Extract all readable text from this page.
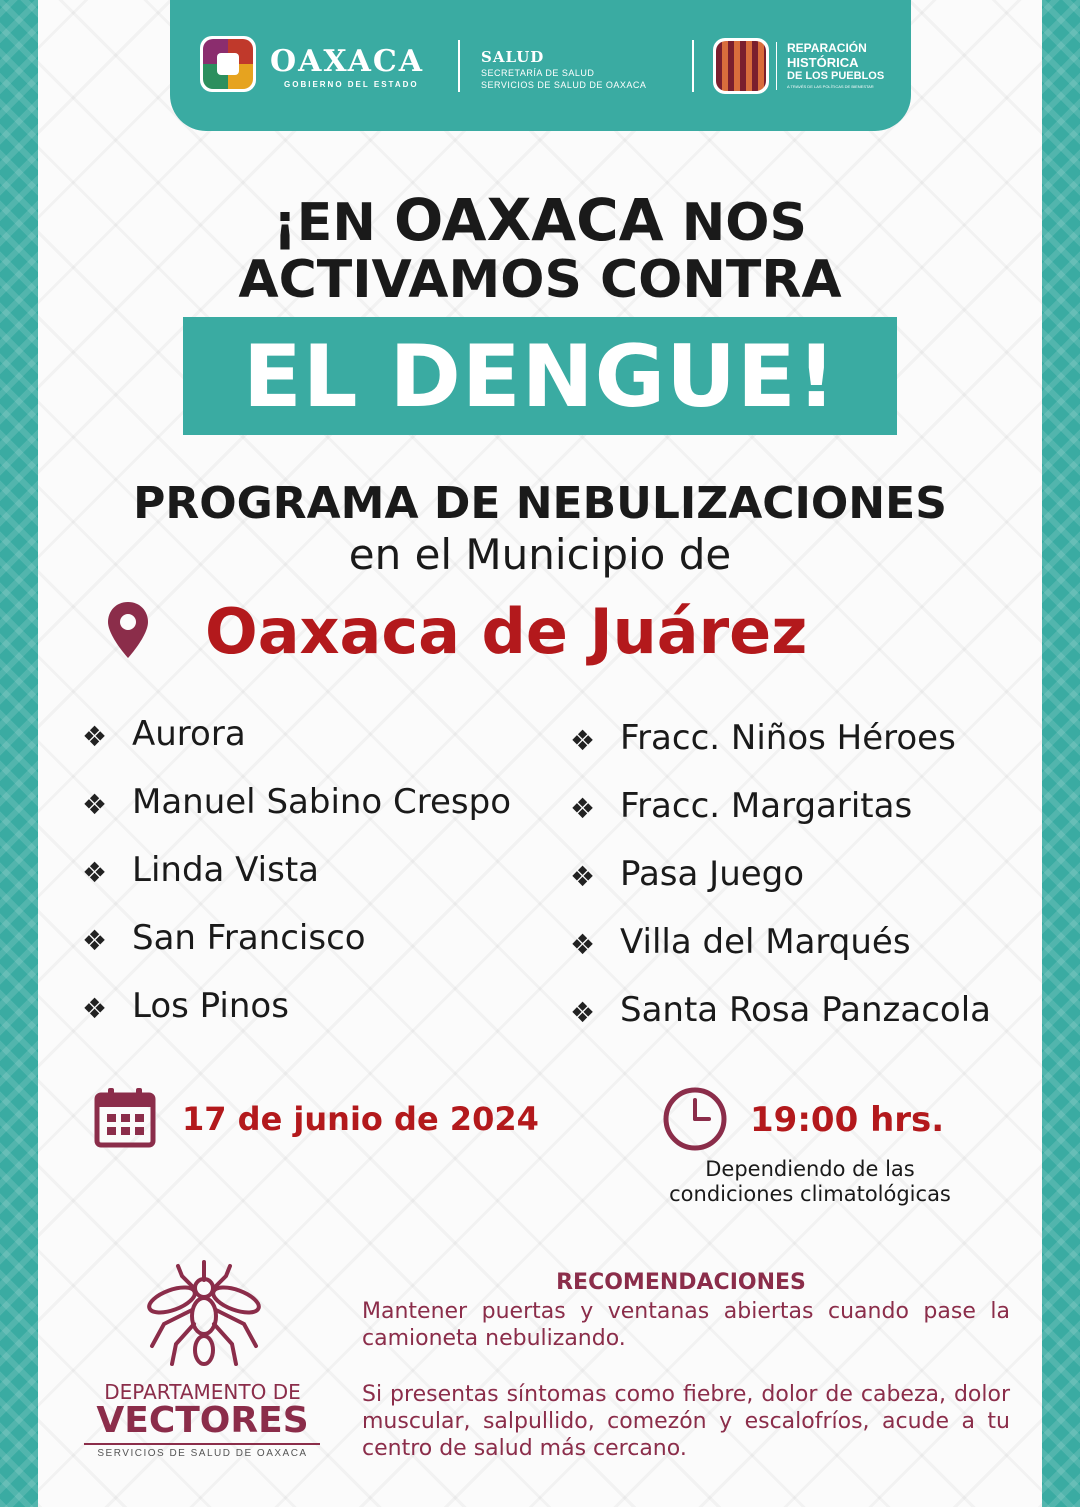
OAXACA
GOBIERNO DEL ESTADO
SALUD
SECRETARÍA DE SALUD
SERVICIOS DE SALUD DE OAXACA
REPARACIÓN
HISTÓRICA
DE LOS PUEBLOS
A TRAVÉS DE LAS POLÍTICAS DE BIENESTAR
¡EN OAXACA NOS
ACTIVAMOS CONTRA
EL DENGUE!
PROGRAMA DE NEBULIZACIONES
en el Municipio de
Oaxaca de Juárez
❖ Aurora
❖ Manuel Sabino Crespo
❖ Linda Vista
❖ San Francisco
❖ Los Pinos
❖ Fracc. Niños Héroes
❖ Fracc. Margaritas
❖ Pasa Juego
❖ Villa del Marqués
❖ Santa Rosa Panzacola
17 de junio de 2024	19:00 hrs.
Dependiendo de las
condiciones climatológicas
DEPARTAMENTO DE
VECTORES
SERVICIOS DE SALUD DE OAXACA
RECOMENDACIONES
Mantener puertas y ventanas abiertas cuando pase la camioneta nebulizando.
Si presentas síntomas como fiebre, dolor de cabeza, dolor muscular, salpullido, comezón y escalofríos, acude a tu centro de salud más cercano.
